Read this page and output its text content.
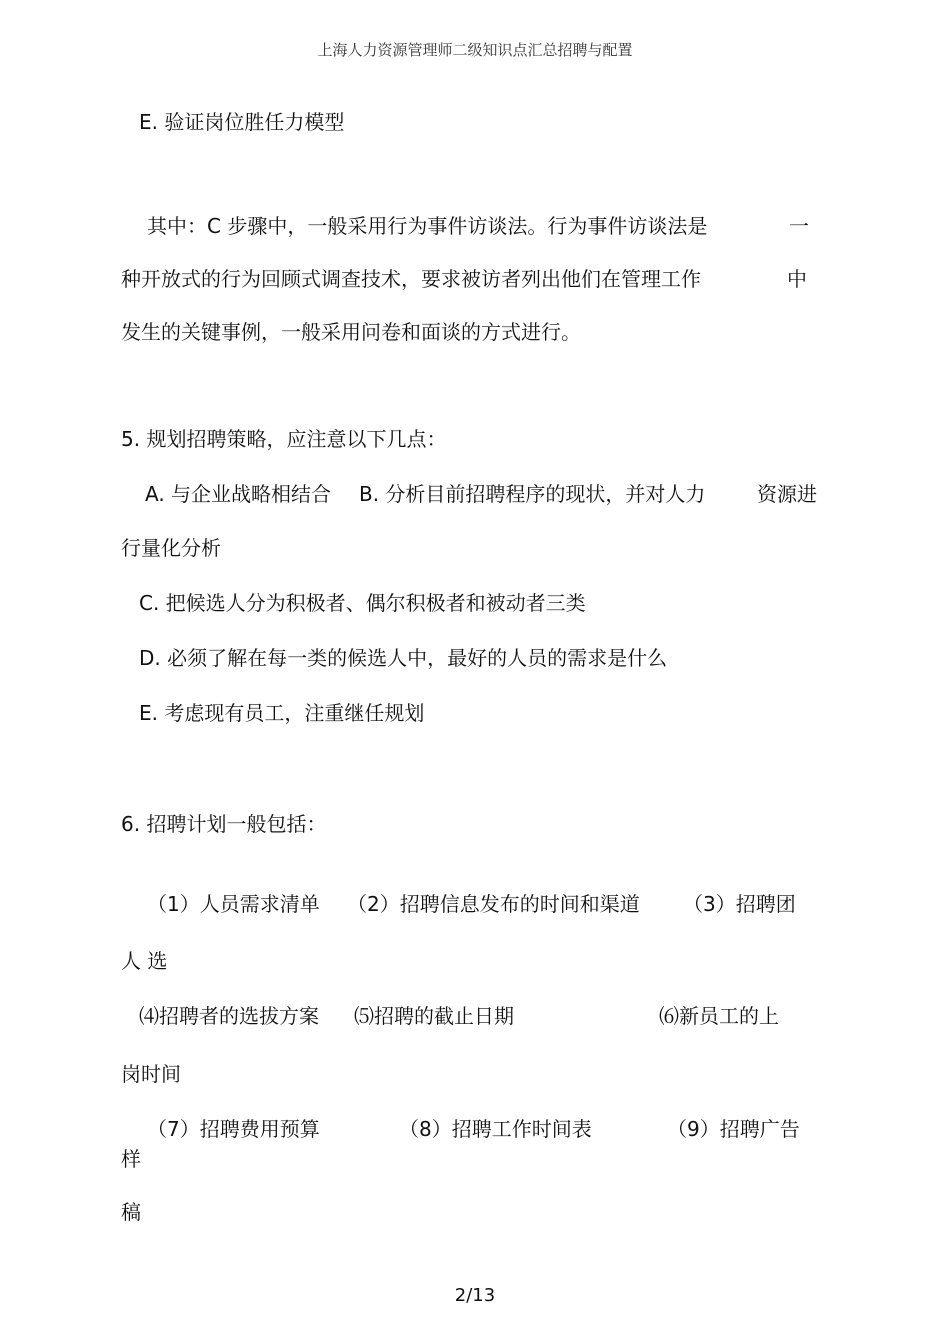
上海人力资源管理师二级知识点汇总招聘与配置
E. 验证岗位胜任力模型
其中：C 步骤中，一般采用行为事件访谈法。行为事件访谈法是	一
种开放式的行为回顾式调查技术，要求被访者列出他们在管理工作	中
发生的关键事例，一般采用问卷和面谈的方式进行。
5. 规划招聘策略，应注意以下几点：
A. 与企业战略相结合 B. 分析目前招聘程序的现状，并对人力	资源进
行量化分析
C. 把候选人分为积极者、偶尔积极者和被动者三类
D. 必须了解在每一类的候选人中，最好的人员的需求是什么
E. 考虑现有员工，注重继任规划
6. 招聘计划一般包括：
（1）人员需求清单 （2）招聘信息发布的时间和渠道 （3）招聘团
人 选
⑷招聘者的选拔方案 ⑸招聘的截止日期	⑹新员工的上
岗时间
（7）招聘费用预算	（8）招聘工作时间表	（9）招聘广告
样
稿
2/13
